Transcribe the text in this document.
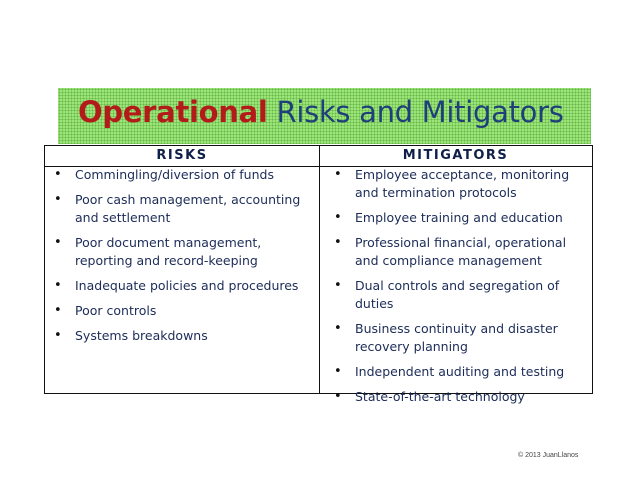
Operational Risks and Mitigators
RISKS	MITIGATORS
• Commingling/diversion of funds
• Poor cash management, accounting and settlement
• Poor document management, reporting and record-keeping
• Inadequate policies and procedures
• Poor controls
• Systems breakdowns
• Employee acceptance, monitoring and termination protocols
• Employee training and education
• Professional financial, operational and compliance management
• Dual controls and segregation of duties
• Business continuity and disaster recovery planning
• Independent auditing and testing
• State-of-the-art technology
© 2013 JuanLlanos
